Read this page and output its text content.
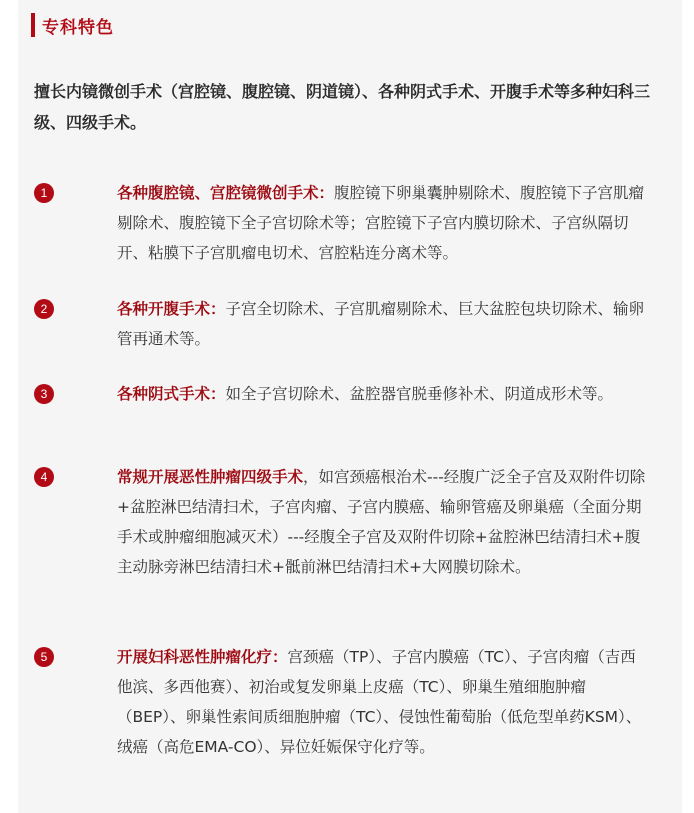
专科特色

擅长内镜微创手术（宫腔镜、腹腔镜、阴道镜）、各种阴式手术、开腹手术等多种妇科三级、四级手术。

1	各种腹腔镜、宫腔镜微创手术：腹腔镜下卵巢囊肿剔除术、腹腔镜下子宫肌瘤剔除术、腹腔镜下全子宫切除术等；宫腔镜下子宫内膜切除术、子宫纵隔切开、粘膜下子宫肌瘤电切术、宫腔粘连分离术等。

2	各种开腹手术：子宫全切除术、子宫肌瘤剔除术、巨大盆腔包块切除术、输卵管再通术等。

3	各种阴式手术：如全子宫切除术、盆腔器官脱垂修补术、阴道成形术等。

4	常规开展恶性肿瘤四级手术，如宫颈癌根治术---经腹广泛全子宫及双附件切除+盆腔淋巴结清扫术，子宫肉瘤、子宫内膜癌、输卵管癌及卵巢癌（全面分期手术或肿瘤细胞减灭术）---经腹全子宫及双附件切除+盆腔淋巴结清扫术+腹主动脉旁淋巴结清扫术+骶前淋巴结清扫术+大网膜切除术。

5	开展妇科恶性肿瘤化疗：宫颈癌（TP）、子宫内膜癌（TC）、子宫肉瘤（吉西他滨、多西他赛）、初治或复发卵巢上皮癌（TC）、卵巢生殖细胞肿瘤（BEP）、卵巢性索间质细胞肿瘤（TC）、侵蚀性葡萄胎（低危型单药KSM）、绒癌（高危EMA-CO）、异位妊娠保守化疗等。
